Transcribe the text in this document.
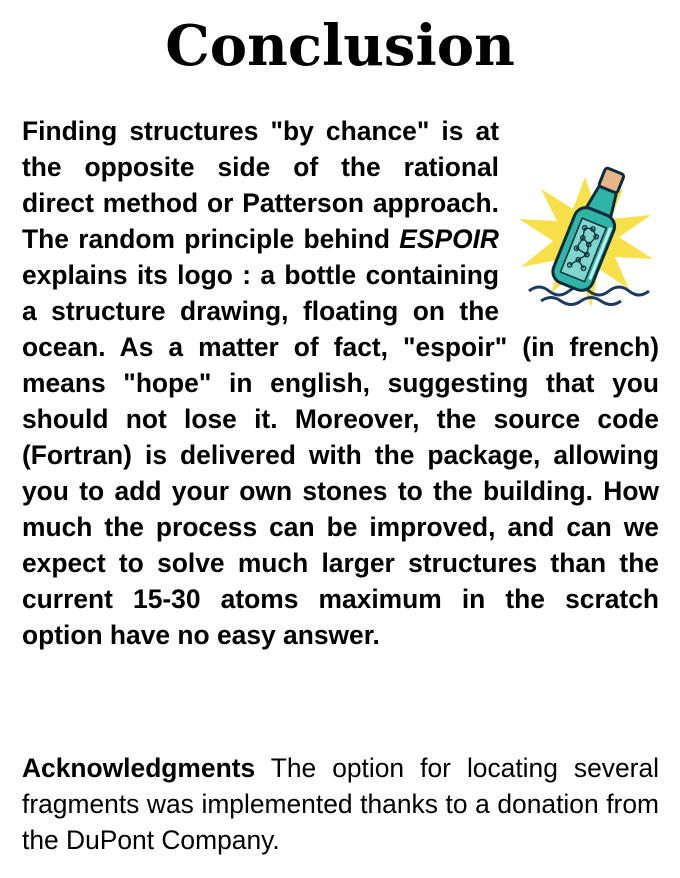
Conclusion
Finding structures "by chance" is at the opposite side of the rational direct method or Patterson approach. The random principle behind ESPOIR explains its logo : a bottle containing a structure drawing, floating on the ocean. As a matter of fact, "espoir" (in french) means "hope" in english, suggesting that you should not lose it. Moreover, the source code (Fortran) is delivered with the package, allowing you to add your own stones to the building. How much the process can be improved, and can we expect to solve much larger structures than the current 15-30 atoms maximum in the scratch option have no easy answer.

Acknowledgments The option for locating several fragments was implemented thanks to a donation from the DuPont Company.
